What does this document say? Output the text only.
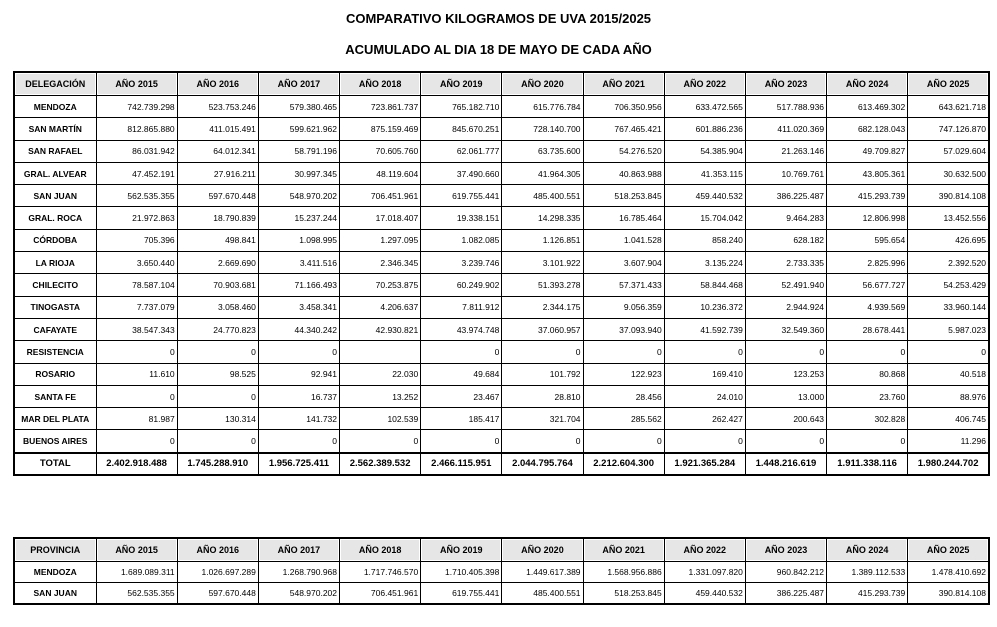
COMPARATIVO KILOGRAMOS DE UVA 2015/2025
ACUMULADO AL DIA 18 DE MAYO DE CADA AÑO
DELEGACIÓN	AÑO 2015	AÑO 2016	AÑO 2017	AÑO 2018	AÑO 2019	AÑO 2020	AÑO 2021	AÑO 2022	AÑO 2023	AÑO 2024	AÑO 2025
MENDOZA	742.739.298	523.753.246	579.380.465	723.861.737	765.182.710	615.776.784	706.350.956	633.472.565	517.788.936	613.469.302	643.621.718
SAN MARTÍN	812.865.880	411.015.491	599.621.962	875.159.469	845.670.251	728.140.700	767.465.421	601.886.236	411.020.369	682.128.043	747.126.870
SAN RAFAEL	86.031.942	64.012.341	58.791.196	70.605.760	62.061.777	63.735.600	54.276.520	54.385.904	21.263.146	49.709.827	57.029.604
GRAL. ALVEAR	47.452.191	27.916.211	30.997.345	48.119.604	37.490.660	41.964.305	40.863.988	41.353.115	10.769.761	43.805.361	30.632.500
SAN JUAN	562.535.355	597.670.448	548.970.202	706.451.961	619.755.441	485.400.551	518.253.845	459.440.532	386.225.487	415.293.739	390.814.108
GRAL. ROCA	21.972.863	18.790.839	15.237.244	17.018.407	19.338.151	14.298.335	16.785.464	15.704.042	9.464.283	12.806.998	13.452.556
CÓRDOBA	705.396	498.841	1.098.995	1.297.095	1.082.085	1.126.851	1.041.528	858.240	628.182	595.654	426.695
LA RIOJA	3.650.440	2.669.690	3.411.516	2.346.345	3.239.746	3.101.922	3.607.904	3.135.224	2.733.335	2.825.996	2.392.520
CHILECITO	78.587.104	70.903.681	71.166.493	70.253.875	60.249.902	51.393.278	57.371.433	58.844.468	52.491.940	56.677.727	54.253.429
TINOGASTA	7.737.079	3.058.460	3.458.341	4.206.637	7.811.912	2.344.175	9.056.359	10.236.372	2.944.924	4.939.569	33.960.144
CAFAYATE	38.547.343	24.770.823	44.340.242	42.930.821	43.974.748	37.060.957	37.093.940	41.592.739	32.549.360	28.678.441	5.987.023
RESISTENCIA	0	0	0		0	0	0	0	0	0	0
ROSARIO	11.610	98.525	92.941	22.030	49.684	101.792	122.923	169.410	123.253	80.868	40.518
SANTA FE	0	0	16.737	13.252	23.467	28.810	28.456	24.010	13.000	23.760	88.976
MAR DEL PLATA	81.987	130.314	141.732	102.539	185.417	321.704	285.562	262.427	200.643	302.828	406.745
BUENOS AIRES	0	0	0	0	0	0	0	0	0	0	11.296
TOTAL	2.402.918.488	1.745.288.910	1.956.725.411	2.562.389.532	2.466.115.951	2.044.795.764	2.212.604.300	1.921.365.284	1.448.216.619	1.911.338.116	1.980.244.702
PROVINCIA	AÑO 2015	AÑO 2016	AÑO 2017	AÑO 2018	AÑO 2019	AÑO 2020	AÑO 2021	AÑO 2022	AÑO 2023	AÑO 2024	AÑO 2025
MENDOZA	1.689.089.311	1.026.697.289	1.268.790.968	1.717.746.570	1.710.405.398	1.449.617.389	1.568.956.886	1.331.097.820	960.842.212	1.389.112.533	1.478.410.692
SAN JUAN	562.535.355	597.670.448	548.970.202	706.451.961	619.755.441	485.400.551	518.253.845	459.440.532	386.225.487	415.293.739	390.814.108
